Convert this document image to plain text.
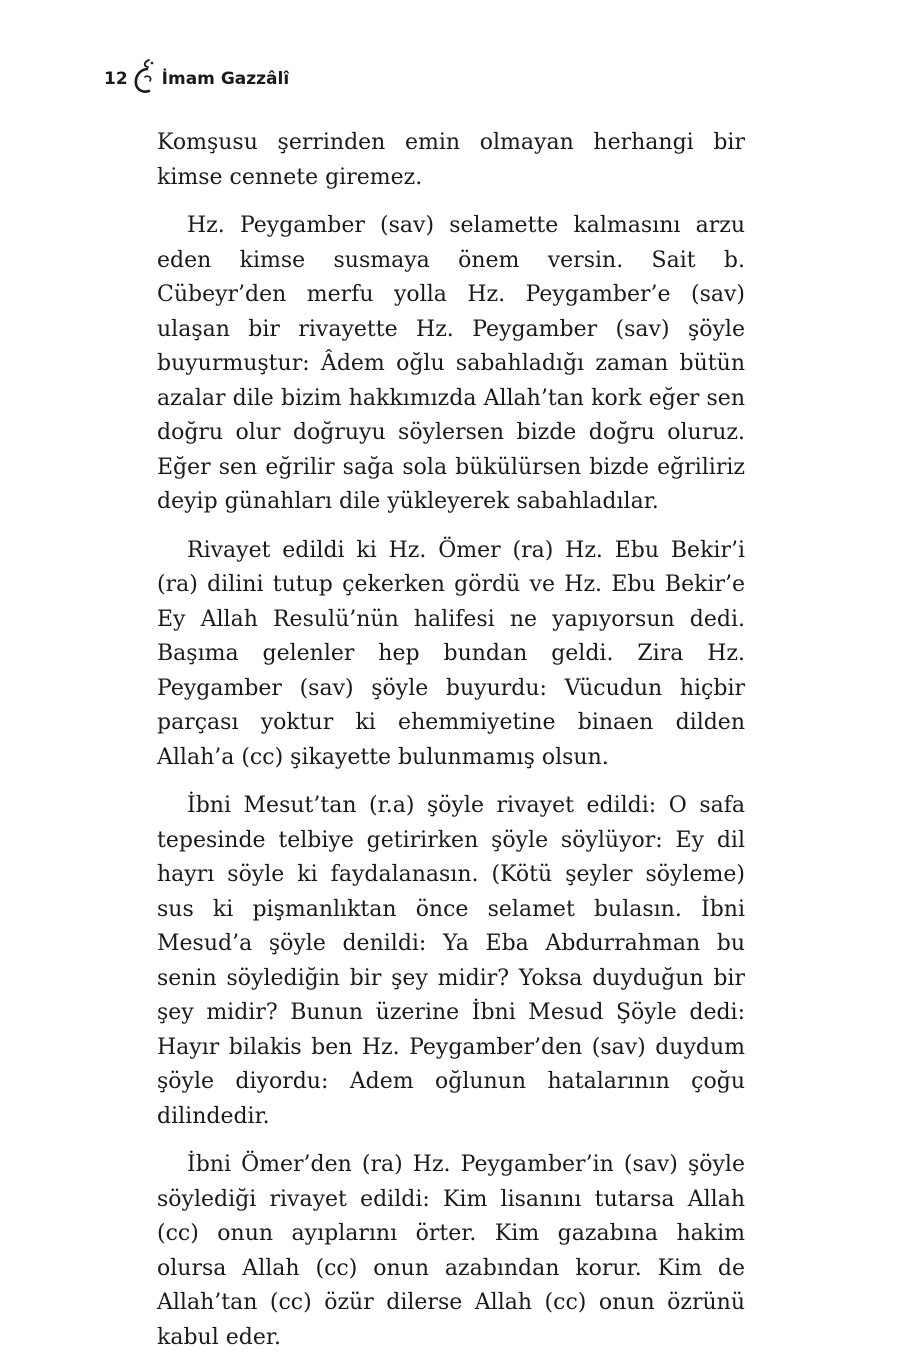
12 İmam Gazzâlî

Komşusu şerrinden emin olmayan herhangi bir kimse cennete giremez.

Hz. Peygamber (sav) selamette kalmasını arzu eden kimse susmaya önem versin. Sait b. Cübeyr’den merfu yolla Hz. Peygamber’e (sav) ulaşan bir rivayette Hz. Peygamber (sav) şöyle buyurmuştur: Âdem oğlu sabahladığı zaman bütün azalar dile bizim hakkımızda Allah’tan kork eğer sen doğru olur doğruyu söylersen bizde doğru oluruz. Eğer sen eğrilir sağa sola bükülürsen bizde eğriliriz deyip günahları dile yükleyerek sabahladılar.

Rivayet edildi ki Hz. Ömer (ra) Hz. Ebu Bekir’i (ra) dilini tutup çekerken gördü ve Hz. Ebu Bekir’e Ey Allah Resulü’nün halifesi ne yapıyorsun dedi. Başıma gelenler hep bundan geldi. Zira Hz. Peygamber (sav) şöyle buyurdu: Vücudun hiçbir parçası yoktur ki ehemmiyetine binaen dilden Allah’a (cc) şikayette bulunmamış olsun.

İbni Mesut’tan (r.a) şöyle rivayet edildi: O safa tepesinde telbiye getirirken şöyle söylüyor: Ey dil hayrı söyle ki faydalanasın. (Kötü şeyler söyleme) sus ki pişmanlıktan önce selamet bulasın. İbni Mesud’a şöyle denildi: Ya Eba Abdurrahman bu senin söylediğin bir şey midir? Yoksa duyduğun bir şey midir? Bunun üzerine İbni Mesud Şöyle dedi: Hayır bilakis ben Hz. Peygamber’den (sav) duydum şöyle diyordu: Adem oğlunun hatalarının çoğu dilindedir.

İbni Ömer’den (ra) Hz. Peygamber’in (sav) şöyle söylediği rivayet edildi: Kim lisanını tutarsa Allah (cc) onun ayıplarını örter. Kim gazabına hakim olursa Allah (cc) onun azabından korur. Kim de Allah’tan (cc) özür dilerse Allah (cc) onun özrünü kabul eder.
